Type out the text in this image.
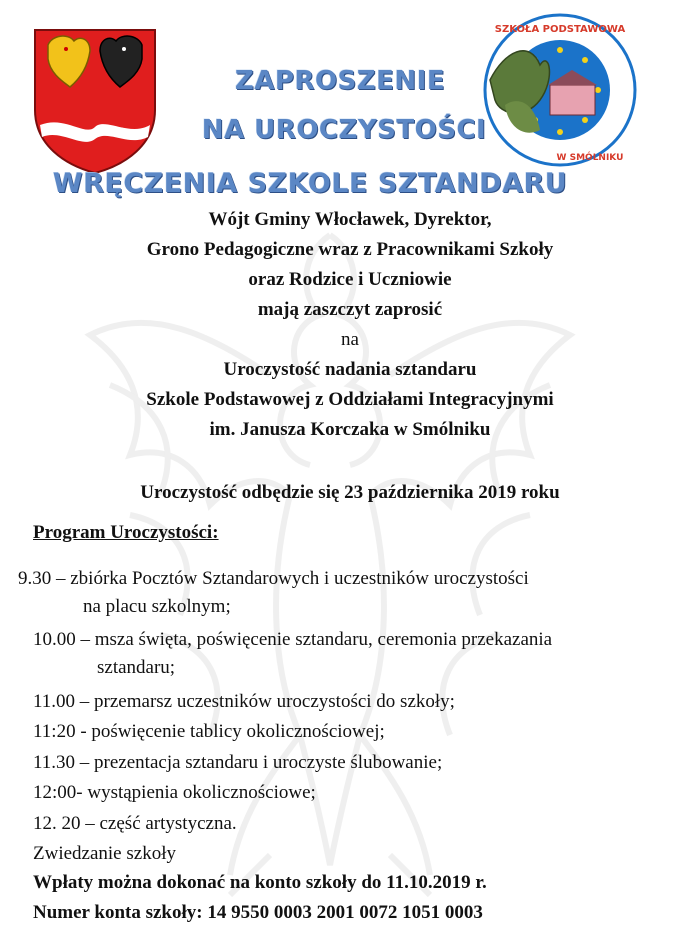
SZKOŁA PODSTAWOWA
W SMÓLNIKU
ZAPROSZENIE
NA UROCZYSTOŚCI
WRĘCZENIA SZKOLE SZTANDARU
Wójt Gminy Włocławek, Dyrektor,
Grono Pedagogiczne wraz z Pracownikami Szkoły
oraz Rodzice i Uczniowie
mają zaszczyt zaprosić
na
Uroczystość nadania sztandaru
Szkole Podstawowej z Oddziałami Integracyjnymi
im. Janusza Korczaka w Smólniku
Uroczystość odbędzie się 23 października 2019 roku
Program Uroczystości:
9.30 – zbiórka Pocztów Sztandarowych i uczestników uroczystości
na placu szkolnym;
10.00 – msza święta, poświęcenie sztandaru, ceremonia przekazania
sztandaru;
11.00 – przemarsz uczestników uroczystości do szkoły;
11:20 - poświęcenie tablicy okolicznościowej;
11.30 – prezentacja sztandaru i uroczyste ślubowanie;
12:00- wystąpienia okolicznościowe;
12. 20 – część artystyczna.
Zwiedzanie szkoły
Wpłaty można dokonać na konto szkoły do 11.10.2019 r.
Numer konta szkoły: 14 9550 0003 2001 0072 1051 0003
